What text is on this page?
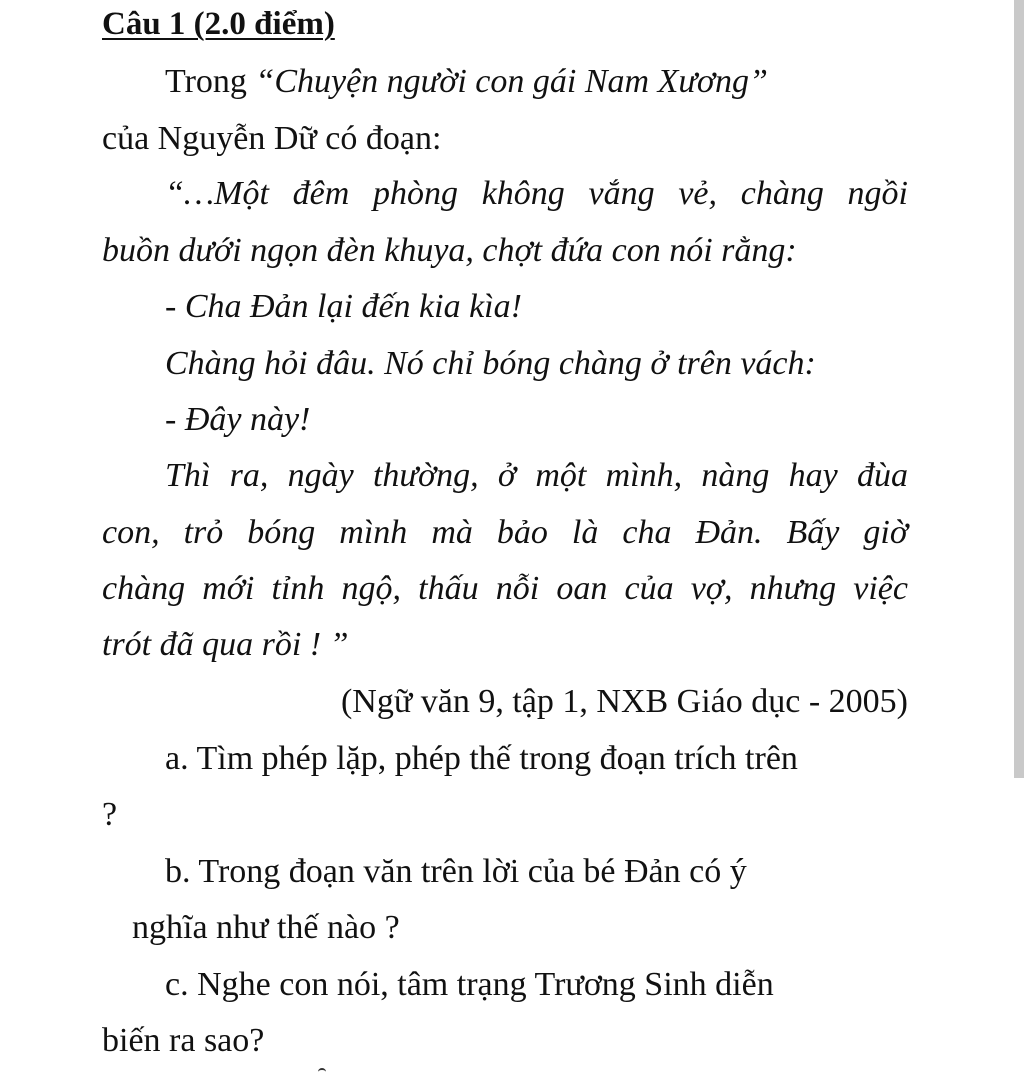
Câu 1 (2.0 điểm)

Trong “Chuyện người con gái Nam Xương”

của Nguyễn Dữ có đoạn:

“…Một đêm phòng không vắng vẻ, chàng ngồi

buồn dưới ngọn đèn khuya, chợt đứa con nói rằng:

- Cha Đản lại đến kia kìa!

Chàng hỏi đâu. Nó chỉ bóng chàng ở trên vách:

- Đây này!

Thì ra, ngày thường, ở một mình, nàng hay đùa

con, trỏ bóng mình mà bảo là cha Đản. Bấy giờ

chàng mới tỉnh ngộ, thấu nỗi oan của vợ, nhưng việc

trót đã qua rồi ! ”

(Ngữ văn 9, tập 1, NXB Giáo dục - 2005)

a. Tìm phép lặp, phép thế trong đoạn trích trên

?

b. Trong đoạn văn trên lời của bé Đản có ý

nghĩa như thế nào ?

c. Nghe con nói, tâm trạng Trương Sinh diễn

biến ra sao?
